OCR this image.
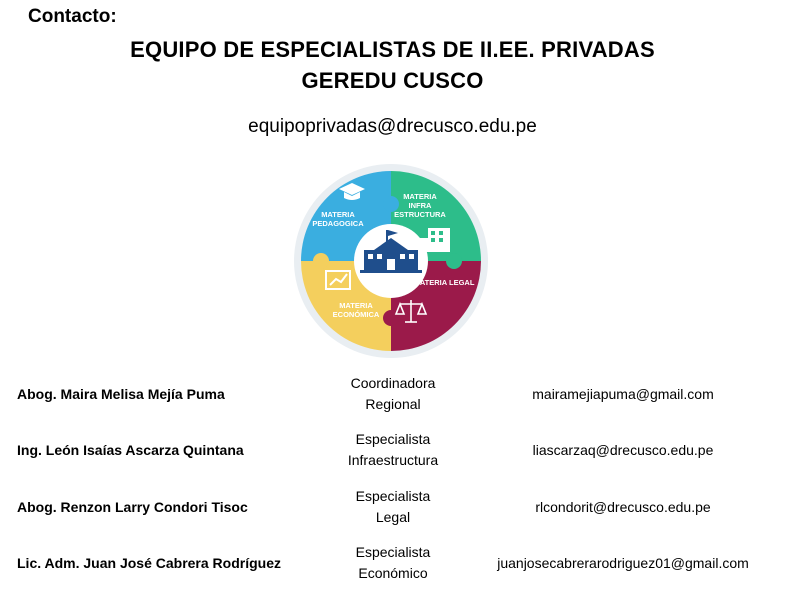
Contacto:
EQUIPO DE ESPECIALISTAS DE II.EE. PRIVADAS
GEREDU CUSCO
equipoprivadas@drecusco.edu.pe
MATERIA
PEDAGOGICA
MATERIA
INFRA
ESTRUCTURA
MATERIA LEGAL
MATERIA
ECONÓMICA
Abog. Maira Melisa Mejía Puma
Coordinadora
Regional
mairamejiapuma@gmail.com
Ing. León Isaías Ascarza Quintana
Especialista
Infraestructura
liascarzaq@drecusco.edu.pe
Abog. Renzon Larry Condori Tisoc
Especialista
Legal
rlcondorit@drecusco.edu.pe
Lic. Adm. Juan José Cabrera Rodríguez
Especialista
Económico
juanjosecabrerarodriguez01@gmail.com
